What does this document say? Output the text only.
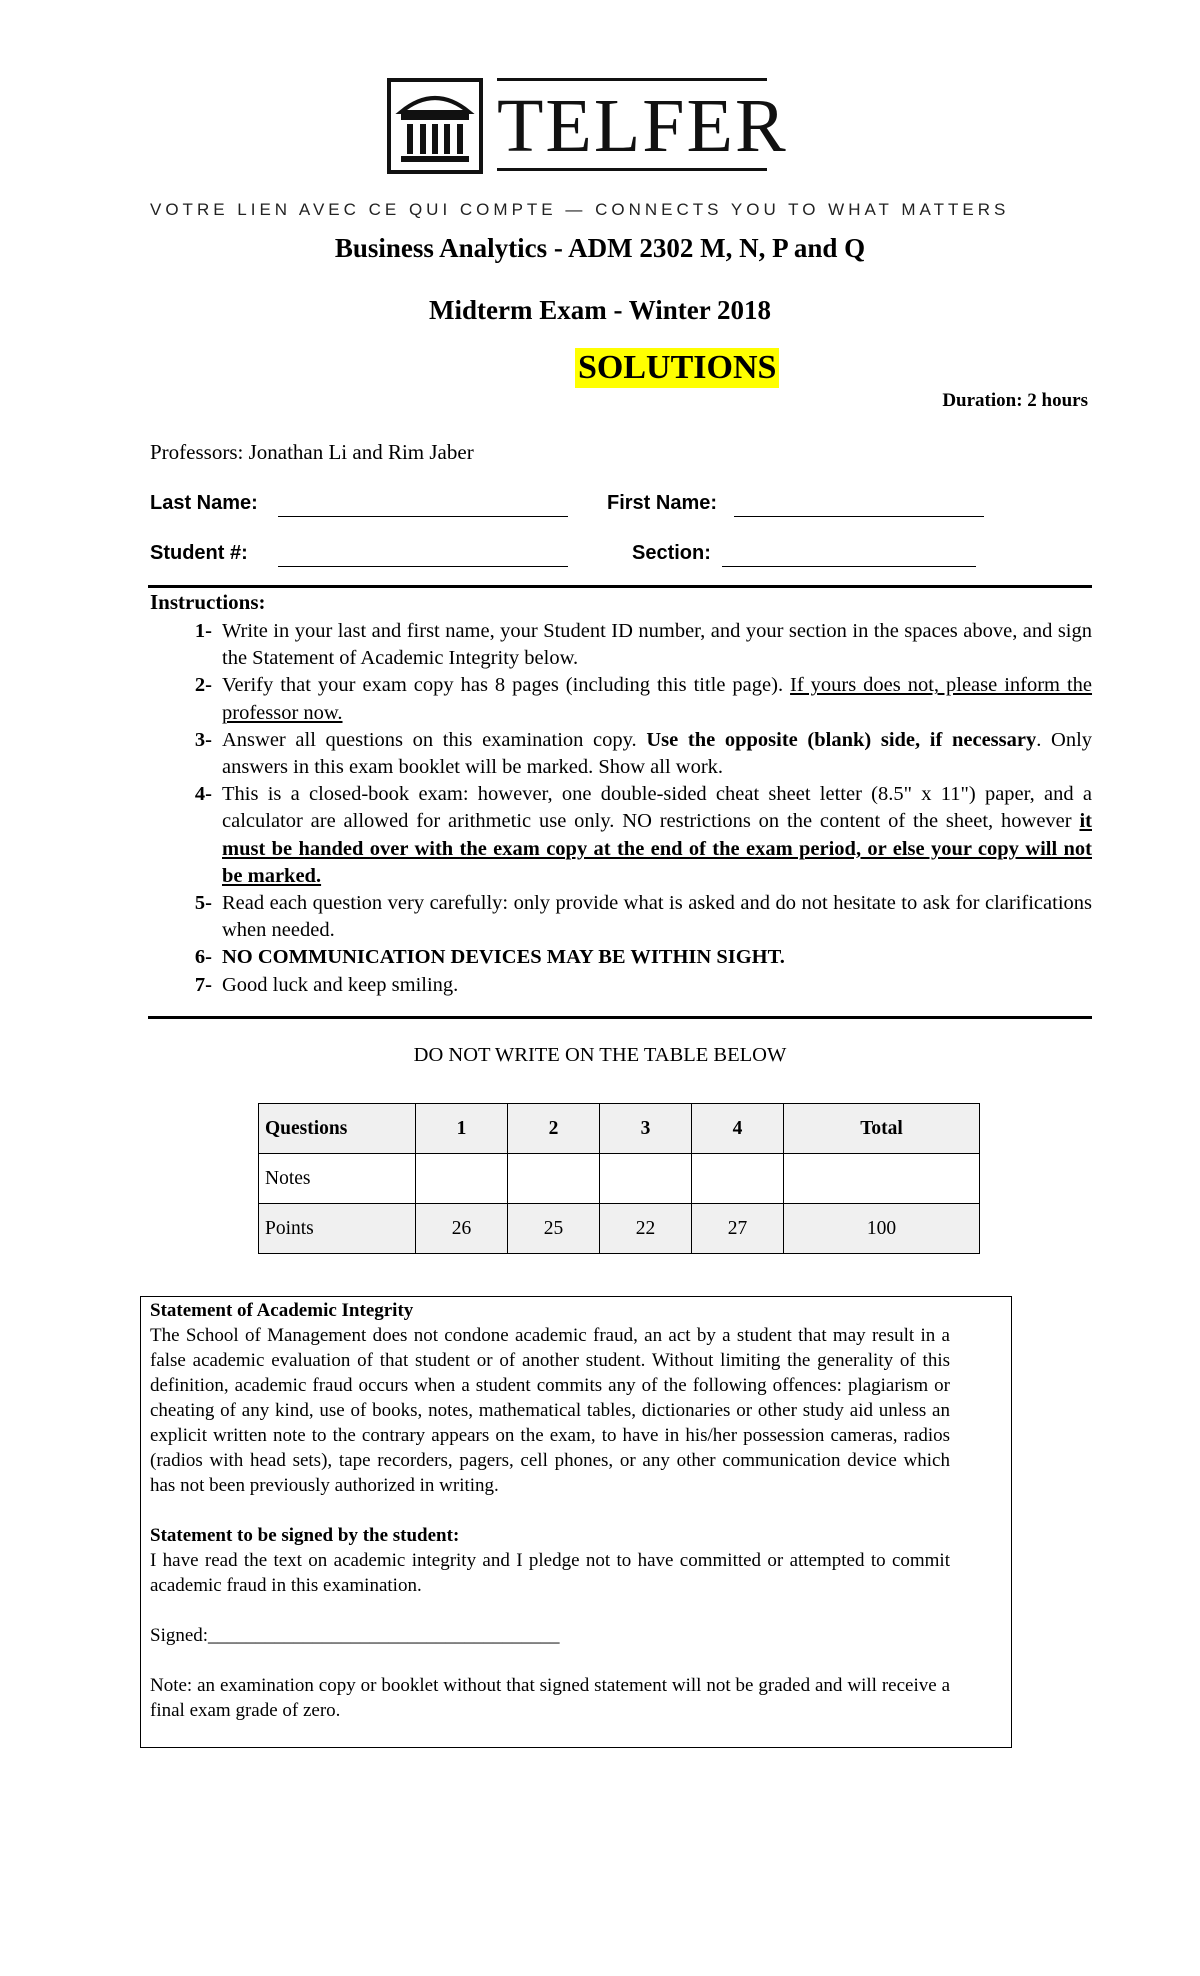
TELFER
VOTRE LIEN AVEC CE QUI COMPTE — CONNECTS YOU TO WHAT MATTERS
Business Analytics - ADM 2302 M, N, P and Q
Midterm Exam - Winter 2018
SOLUTIONS
Duration: 2 hours
Professors: Jonathan Li and Rim Jaber
Last Name:	First Name:
Student #:	Section:
Instructions:
1- Write in your last and first name, your Student ID number, and your section in the spaces above, and sign the Statement of Academic Integrity below.
2- Verify that your exam copy has 8 pages (including this title page). If yours does not, please inform the professor now.
3- Answer all questions on this examination copy. Use the opposite (blank) side, if necessary. Only answers in this exam booklet will be marked. Show all work.
4- This is a closed-book exam: however, one double-sided cheat sheet letter (8.5" x 11") paper, and a calculator are allowed for arithmetic use only. NO restrictions on the content of the sheet, however it must be handed over with the exam copy at the end of the exam period, or else your copy will not be marked.
5- Read each question very carefully: only provide what is asked and do not hesitate to ask for clarifications when needed.
6- NO COMMUNICATION DEVICES MAY BE WITHIN SIGHT.
7- Good luck and keep smiling.
DO NOT WRITE ON THE TABLE BELOW
Questions	1	2	3	4	Total
Notes					
Points	26	25	22	27	100

Statement of Academic Integrity

The School of Management does not condone academic fraud, an act by a student that may result in a false academic evaluation of that student or of another student. Without limiting the generality of this definition, academic fraud occurs when a student commits any of the following offences: plagiarism or cheating of any kind, use of books, notes, mathematical tables, dictionaries or other study aid unless an explicit written note to the contrary appears on the exam, to have in his/her possession cameras, radios (radios with head sets), tape recorders, pagers, cell phones, or any other communication device which has not been previously authorized in writing.

Statement to be signed by the student:

I have read the text on academic integrity and I pledge not to have committed or attempted to commit academic fraud in this examination.

Signed:_____________________________________

Note: an examination copy or booklet without that signed statement will not be graded and will receive a final exam grade of zero.
